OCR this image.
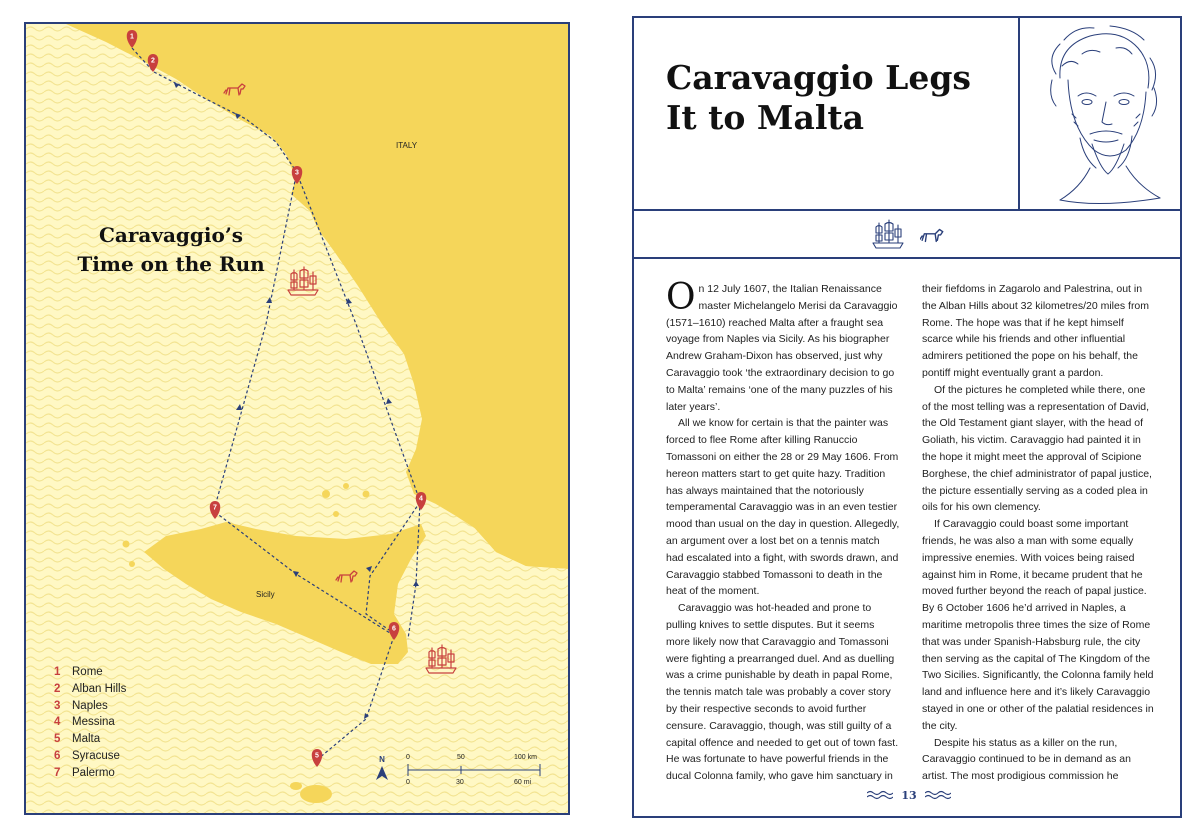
ITALY
Sicily
1
2
3
4
5
6
7
N	0	50	100 km
0	30	60 mi
Caravaggio’s
Time on the Run
1	Rome
2	Alban Hills
3	Naples
4	Messina
5	Malta
6	Syracuse
7	Palermo
Caravaggio Legs
It to Malta

On 12 July 1607, the Italian Renaissance master Michelangelo Merisi da Caravaggio (1571–1610) reached Malta after a fraught sea voyage from Naples via Sicily. As his biographer Andrew Graham-Dixon has observed, just why Caravaggio took ‘the extraordinary decision to go to Malta’ remains ‘one of the many puzzles of his later years’.

All we know for certain is that the painter was forced to flee Rome after killing Ranuccio Tomassoni on either the 28 or 29 May 1606. From hereon matters start to get quite hazy. Tradition has always maintained that the notoriously temperamental Caravaggio was in an even testier mood than usual on the day in question. Allegedly, an argument over a lost bet on a tennis match had escalated into a fight, with swords drawn, and Caravaggio stabbed Tomassoni to death in the heat of the moment.

Caravaggio was hot-headed and prone to pulling knives to settle disputes. But it seems more likely now that Caravaggio and Tomassoni were fighting a prearranged duel. And as duelling was a crime punishable by death in papal Rome, the tennis match tale was probably a cover story by their respective seconds to avoid further censure. Caravaggio, though, was still guilty of a capital offence and needed to get out of town fast. He was fortunate to have powerful friends in the ducal Colonna family, who gave him sanctuary in

their fiefdoms in Zagarolo and Palestrina, out in the Alban Hills about 32 kilometres/20 miles from Rome. The hope was that if he kept himself scarce while his friends and other influential admirers petitioned the pope on his behalf, the pontiff might eventually grant a pardon.

Of the pictures he completed while there, one of the most telling was a representation of David, the Old Testament giant slayer, with the head of Goliath, his victim. Caravaggio had painted it in the hope it might meet the approval of Scipione Borghese, the chief administrator of papal justice, the picture essentially serving as a coded plea in oils for his own clemency.

If Caravaggio could boast some important friends, he was also a man with some equally impressive enemies. With voices being raised against him in Rome, it became prudent that he moved further beyond the reach of papal justice. By 6 October 1606 he’d arrived in Naples, a maritime metropolis three times the size of Rome that was under Spanish-Habsburg rule, the city then serving as the capital of The Kingdom of the Two Sicilies. Significantly, the Colonna family held land and influence here and it’s likely Caravaggio stayed in one or other of the palatial residences in the city.

Despite his status as a killer on the run, Caravaggio continued to be in demand as an artist. The most prodigious commission he

13
